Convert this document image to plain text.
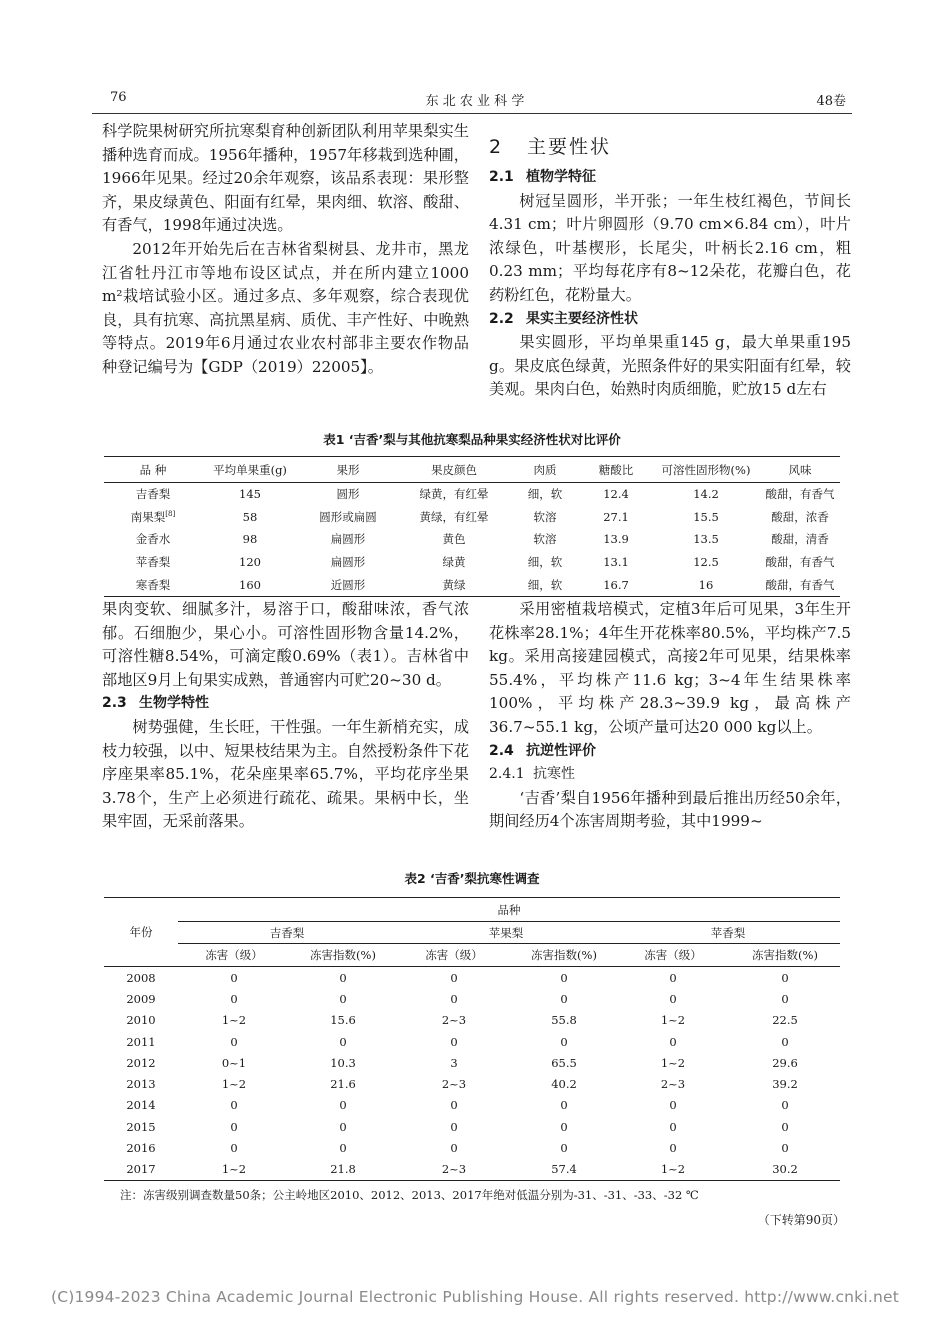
76	东 北 农 业 科 学	48卷

科学院果树研究所抗寒梨育种创新团队利用苹果梨实生播种选育而成。1956年播种，1957年移栽到选种圃，1966年见果。经过20余年观察，该品系表现：果形整齐，果皮绿黄色、阳面有红晕，果肉细、软溶、酸甜、有香气，1998年通过决选。

2012年开始先后在吉林省梨树县、龙井市，黑龙江省牡丹江市等地布设区试点，并在所内建立1000 m²栽培试验小区。通过多点、多年观察，综合表现优良，具有抗寒、高抗黑星病、质优、丰产性好、中晚熟等特点。2019年6月通过农业农村部非主要农作物品种登记编号为【GDP（2019）22005】。

2 主要性状
2.1 植物学特征

树冠呈圆形，半开张；一年生枝红褐色，节间长4.31 cm；叶片卵圆形（9.70 cm×6.84 cm），叶片浓绿色，叶基楔形，长尾尖，叶柄长2.16 cm，粗0.23 mm；平均每花序有8~12朵花，花瓣白色，花药粉红色，花粉量大。

2.2 果实主要经济性状

果实圆形，平均单果重145 g，最大单果重195 g。果皮底色绿黄，光照条件好的果实阳面有红晕，较美观。果肉白色，始熟时肉质细脆，贮放15 d左右

表1 ‘吉香’梨与其他抗寒梨品种果实经济性状对比评价
品 种	平均单果重(g)	果形	果皮颜色	肉质	糖酸比	可溶性固形物(%)	风味
吉香梨	145	圆形	绿黄，有红晕	细，软	12.4	14.2	酸甜，有香气
南果梨[8]	58	圆形或扁圆	黄绿，有红晕	软溶	27.1	15.5	酸甜，浓香
金香水	98	扁圆形	黄色	软溶	13.9	13.5	酸甜，清香
苹香梨	120	扁圆形	绿黄	细，软	13.1	12.5	酸甜，有香气
寒香梨	160	近圆形	黄绿	细，软	16.7	16	酸甜，有香气

果肉变软、细腻多汁，易溶于口，酸甜味浓，香气浓郁。石细胞少，果心小。可溶性固形物含量14.2%，可溶性糖8.54%，可滴定酸0.69%（表1）。吉林省中部地区9月上旬果实成熟，普通窖内可贮20~30 d。

2.3 生物学特性

树势强健，生长旺，干性强。一年生新梢充实，成枝力较强，以中、短果枝结果为主。自然授粉条件下花序座果率85.1%，花朵座果率65.7%，平均花序坐果3.78个，生产上必须进行疏花、疏果。果柄中长，坐果牢固，无采前落果。

采用密植栽培模式，定植3年后可见果，3年生开花株率28.1%；4年生开花株率80.5%，平均株产7.5 kg。采用高接建园模式，高接2年可见果，结果株率55.4%，平均株产11.6 kg；3~4年生结果株率100%，平均株产28.3~39.9 kg，最高株产36.7~55.1 kg，公顷产量可达20 000 kg以上。

2.4 抗逆性评价
2.4.1 抗寒性

‘吉香’梨自1956年播种到最后推出历经50余年，期间经历4个冻害周期考验，其中1999~

表2 ‘吉香’梨抗寒性调查
年份	品种					
	吉香梨		苹果梨		苹香梨	
	冻害（级）	冻害指数(%)	冻害（级）	冻害指数(%)	冻害（级）	冻害指数(%)
2008	0	0	0	0	0	0
2009	0	0	0	0	0	0
2010	1~2	15.6	2~3	55.8	1~2	22.5
2011	0	0	0	0	0	0
2012	0~1	10.3	3	65.5	1~2	29.6
2013	1~2	21.6	2~3	40.2	2~3	39.2
2014	0	0	0	0	0	0
2015	0	0	0	0	0	0
2016	0	0	0	0	0	0
2017	1~2	21.8	2~3	57.4	1~2	30.2
注：冻害级别调查数量50条；公主岭地区2010、2012、2013、2017年绝对低温分别为-31、-31、-33、-32 ℃
（下转第90页）
(C)1994-2023 China Academic Journal Electronic Publishing House. All rights reserved. http://www.cnki.net
